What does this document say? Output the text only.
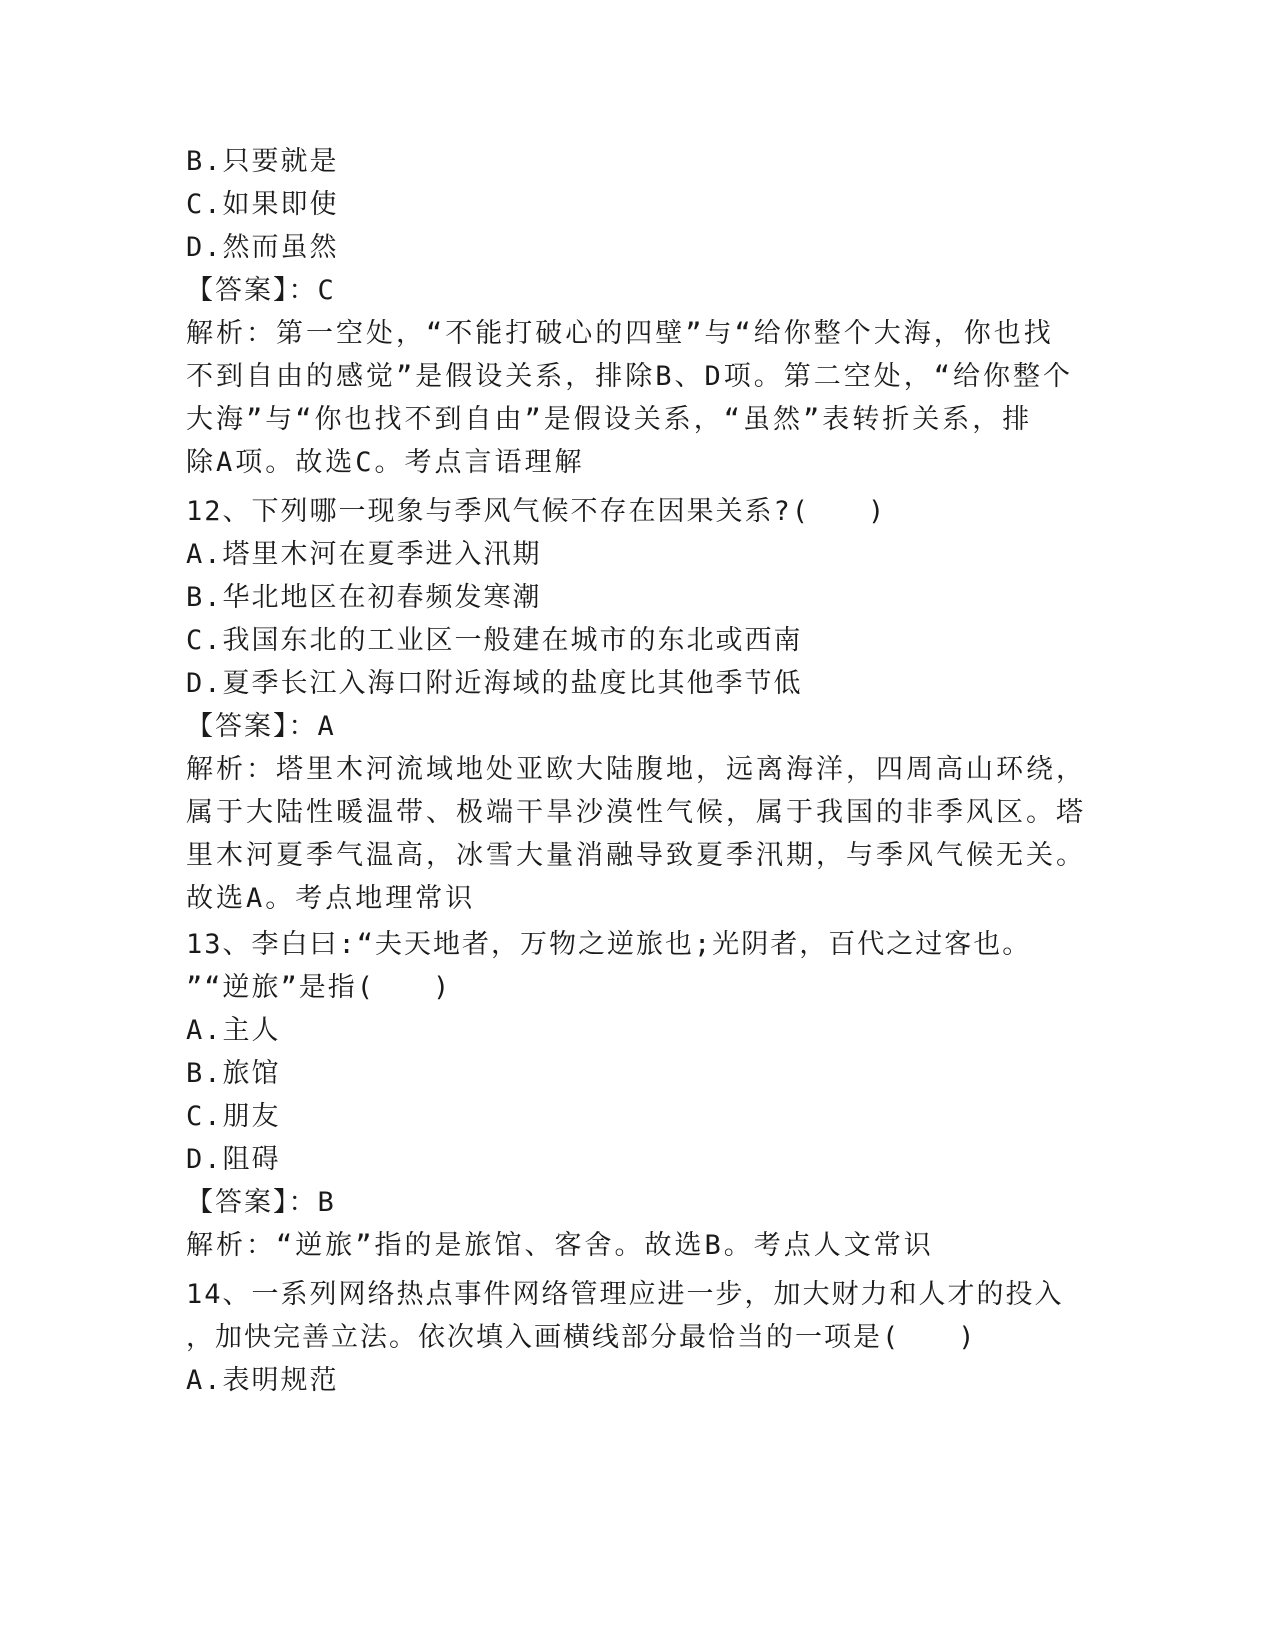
B.只要就是
C.如果即使
D.然而虽然
【答案】：C
解析：第一空处，“不能打破心的四壁”与“给你整个大海，你也找
不到自由的感觉”是假设关系，排除B、D项。第二空处，“给你整个
大海”与“你也找不到自由”是假设关系，“虽然”表转折关系，排
除A项。故选C。考点言语理解
12、下列哪一现象与季风气候不存在因果关系?(　　)
A.塔里木河在夏季进入汛期
B.华北地区在初春频发寒潮
C.我国东北的工业区一般建在城市的东北或西南
D.夏季长江入海口附近海域的盐度比其他季节低
【答案】：A
解析：塔里木河流域地处亚欧大陆腹地，远离海洋，四周高山环绕，
属于大陆性暖温带、极端干旱沙漠性气候，属于我国的非季风区。塔
里木河夏季气温高，冰雪大量消融导致夏季汛期，与季风气候无关。
故选A。考点地理常识
13、李白曰:“夫天地者，万物之逆旅也;光阴者，百代之过客也。
”“逆旅”是指(　　)
A.主人
B.旅馆
C.朋友
D.阻碍
【答案】：B
解析：“逆旅”指的是旅馆、客舍。故选B。考点人文常识
14、一系列网络热点事件网络管理应进一步，加大财力和人才的投入
，加快完善立法。依次填入画横线部分最恰当的一项是(　　)
A.表明规范
